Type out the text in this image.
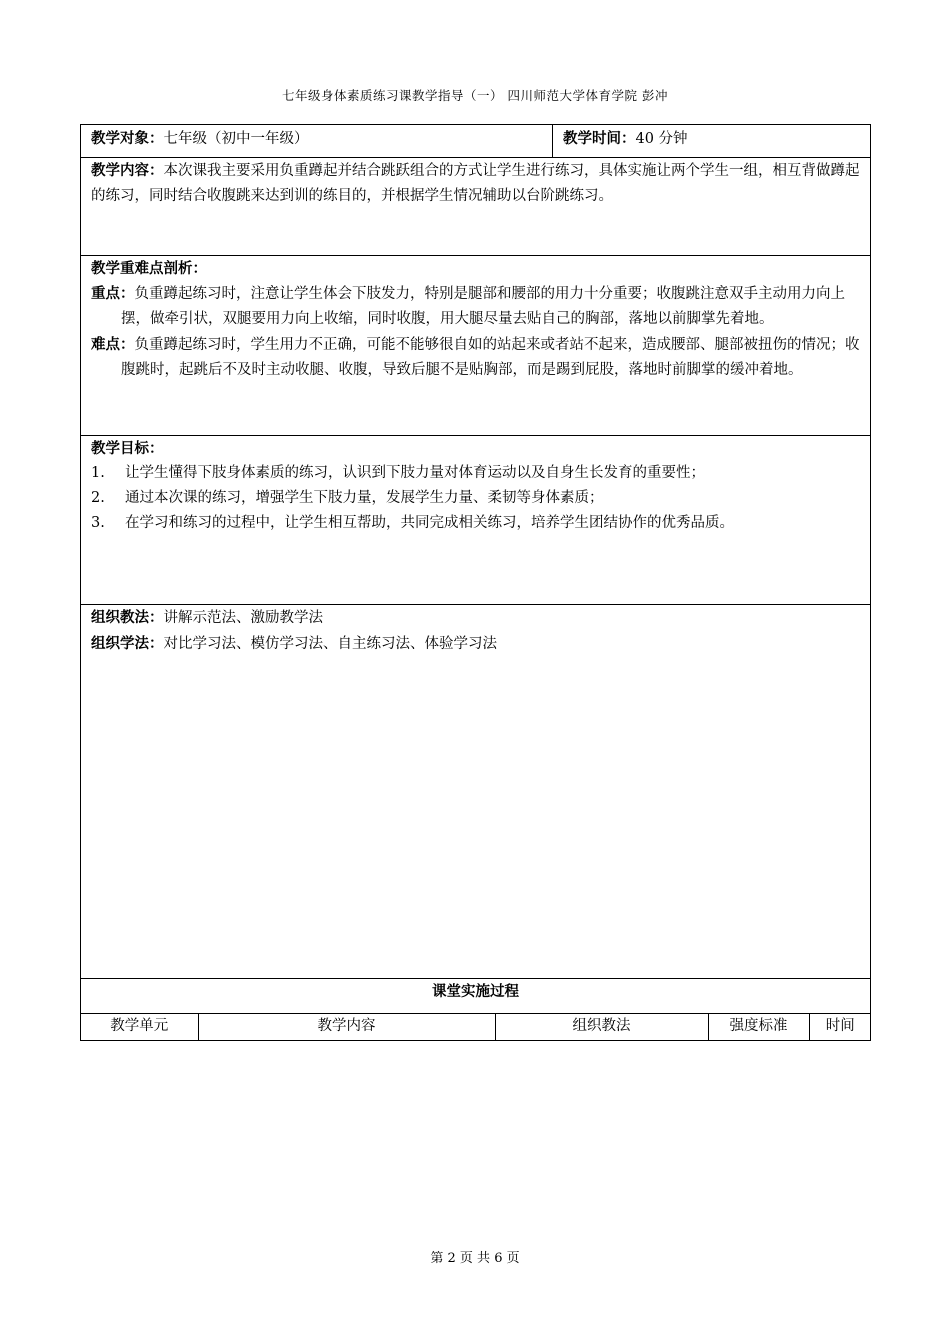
七年级身体素质练习课教学指导（一） 四川师范大学体育学院 彭冲
教学对象：七年级（初中一年级）	教学时间：40 分钟

教学内容：本次课我主要采用负重蹲起并结合跳跃组合的方式让学生进行练习，具体实施让两个学生一组，相互背做蹲起的练习，同时结合收腹跳来达到训的练目的，并根据学生情况辅助以台阶跳练习。

教学重难点剖析：
重点：负重蹲起练习时，注意让学生体会下肢发力，特别是腿部和腰部的用力十分重要；收腹跳注意双手主动用力向上摆，做牵引状，双腿要用力向上收缩，同时收腹，用大腿尽量去贴自己的胸部，落地以前脚掌先着地。
难点：负重蹲起练习时，学生用力不正确，可能不能够很自如的站起来或者站不起来，造成腰部、腿部被扭伤的情况；收腹跳时，起跳后不及时主动收腿、收腹，导致后腿不是贴胸部，而是踢到屁股，落地时前脚掌的缓冲着地。

教学目标：
1.	让学生懂得下肢身体素质的练习，认识到下肢力量对体育运动以及自身生长发育的重要性；
2.	通过本次课的练习，增强学生下肢力量，发展学生力量、柔韧等身体素质；
3.	在学习和练习的过程中，让学生相互帮助，共同完成相关练习，培养学生团结协作的优秀品质。

组织教法：讲解示范法、激励教学法
组织学法：对比学习法、模仿学习法、自主练习法、体验学习法

课堂实施过程

教学单元	教学内容	组织教法	强度标准	时间
第 2 页 共 6 页
